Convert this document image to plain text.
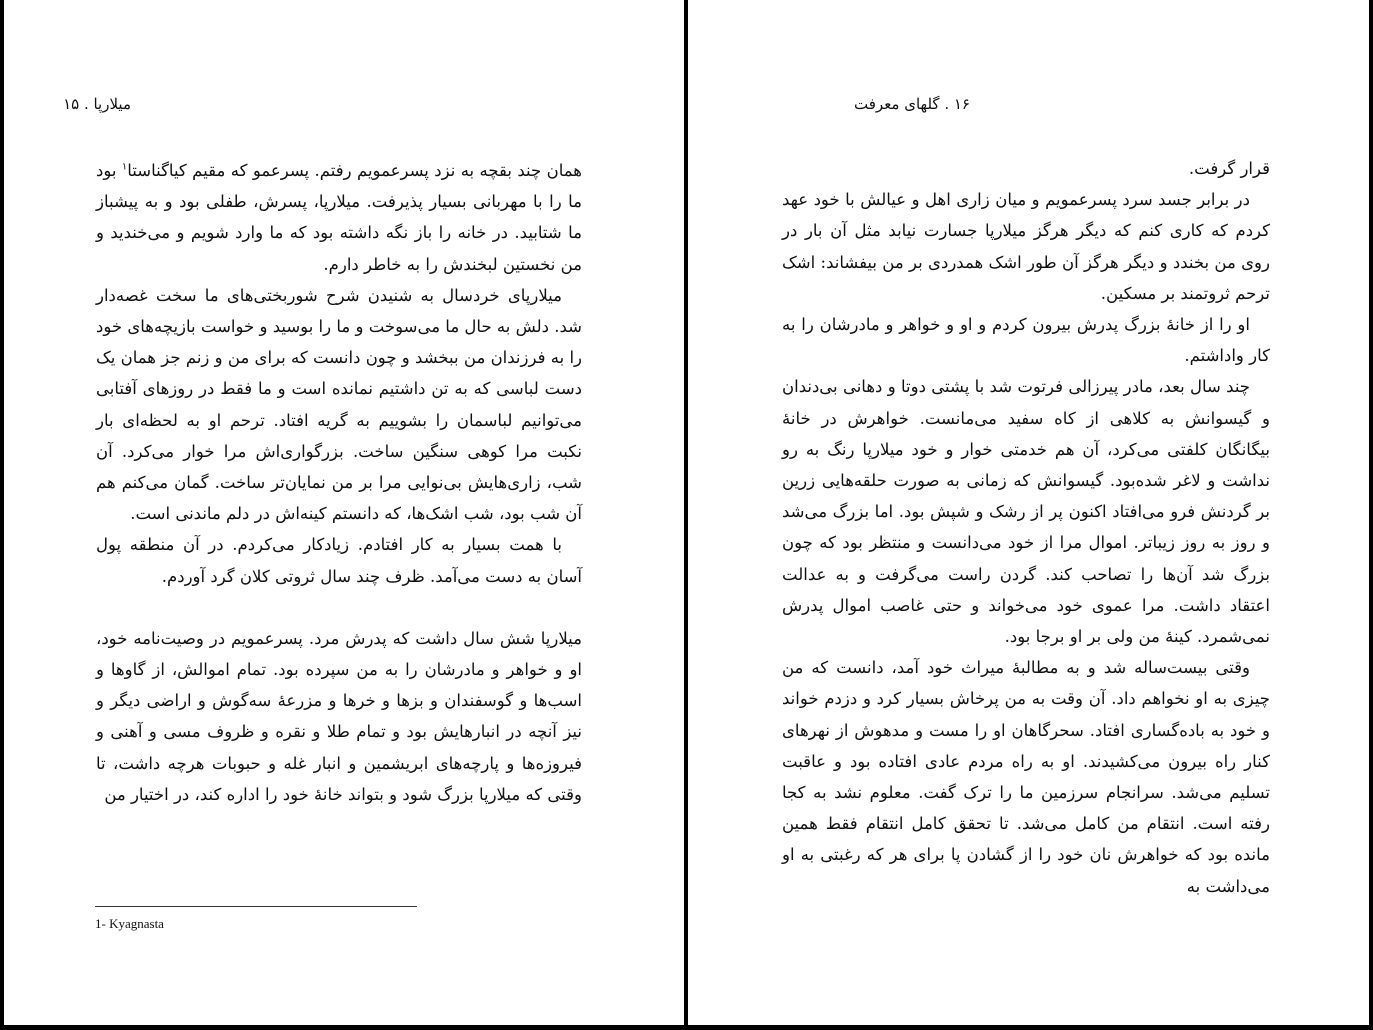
میلارپا . ۱۵

همان چند بقچه به نزد پسرعمویم رفتم. پسرعمو که مقیم کیاگناستا$^۱$ بود ما را با مهربانی بسیار پذیرفت. میلارپا، پسرش، طفلی بود و به پیشباز ما شتابید. در خانه را باز نگه داشته بود که ما وارد شویم و می‌خندید و من نخستین لبخندش را به خاطر دارم.

میلارپای خردسال به شنیدن شرح شوربختی‌های ما سخت غصه‌دار شد. دلش به حال ما می‌سوخت و ما را بوسید و خواست بازیچه‌های خود را به فرزندان من ببخشد و چون دانست که برای من و زنم جز همان یک دست لباسی که به تن داشتیم نمانده است و ما فقط در روزهای آفتابی می‌توانیم لباسمان را بشوییم به گریه افتاد. ترحم او به لحظه‌ای بار نکبت مرا کوهی سنگین ساخت. بزرگواری‌اش مرا خوار می‌کرد. آن شب، زاری‌هایش بی‌نوایی مرا بر من نمایان‌تر ساخت. گمان می‌کنم هم آن شب بود، شب اشک‌ها، که دانستم کینه‌اش در دلم ماندنی است.

با همت بسیار به کار افتادم. زیادکار می‌کردم. در آن منطقه پول آسان به دست می‌آمد. ظرف چند سال ثروتی کلان گرد آوردم.

میلارپا شش سال داشت که پدرش مرد. پسرعمویم در وصیت‌نامه خود، او و خواهر و مادرشان را به من سپرده بود. تمام اموالش، از گاوها و اسب‌ها و گوسفندان و بزها و خرها و مزرعهٔ سه‌گوش و اراضی دیگر و نیز آنچه در انبارهایش بود و تمام طلا و نقره و ظروف مسی و آهنی و فیروزه‌ها و پارچه‌های ابریشمین و انبار غله و حبوبات هرچه داشت، تا وقتی که میلارپا بزرگ شود و بتواند خانهٔ خود را اداره کند، در اختیار من

1- Kyagnasta
۱۶ . گلهای معرفت

قرار گرفت.

در برابر جسد سرد پسرعمویم و میان زاری اهل و عیالش با خود عهد کردم که کاری کنم که دیگر هرگز میلارپا جسارت نیابد مثل آن بار در روی من بخندد و دیگر هرگز آن طور اشک همدردی بر من بیفشاند: اشک ترحم ثروتمند بر مسکین.

او را از خانهٔ بزرگ پدرش بیرون کردم و او و خواهر و مادرشان را به کار واداشتم.

چند سال بعد، مادر پیرزالی فرتوت شد با پشتی دوتا و دهانی بی‌دندان و گیسوانش به کلاهی از کاه سفید می‌مانست. خواهرش در خانهٔ بیگانگان کلفتی می‌کرد، آن هم خدمتی خوار و خود میلارپا رنگ به رو نداشت و لاغر شده‌بود. گیسوانش که زمانی به صورت حلقه‌هایی زرین بر گردنش فرو می‌افتاد اکنون پر از رشک و شپش بود. اما بزرگ می‌شد و روز به روز زیباتر. اموال مرا از خود می‌دانست و منتظر بود که چون بزرگ شد آن‌ها را تصاحب کند. گردن راست می‌گرفت و به عدالت اعتقاد داشت. مرا عموی خود می‌خواند و حتی غاصب اموال پدرش نمی‌شمرد. کینهٔ من ولی بر او برجا بود.

وقتی بیست‌ساله شد و به مطالبهٔ میراث خود آمد، دانست که من چیزی به او نخواهم داد. آن وقت به من پرخاش بسیار کرد و دزدم خواند و خود به باده‌گساری افتاد. سحرگاهان او را مست و مدهوش از نهرهای کنار راه بیرون می‌کشیدند. او به راه مردم عادی افتاده بود و عاقبت تسلیم می‌شد. سرانجام سرزمین ما را ترک گفت. معلوم نشد به کجا رفته است. انتقام من کامل می‌شد. تا تحقق کامل انتقام فقط همین مانده بود که خواهرش نان خود را از گشادن پا برای هر که رغبتی به او می‌داشت به
